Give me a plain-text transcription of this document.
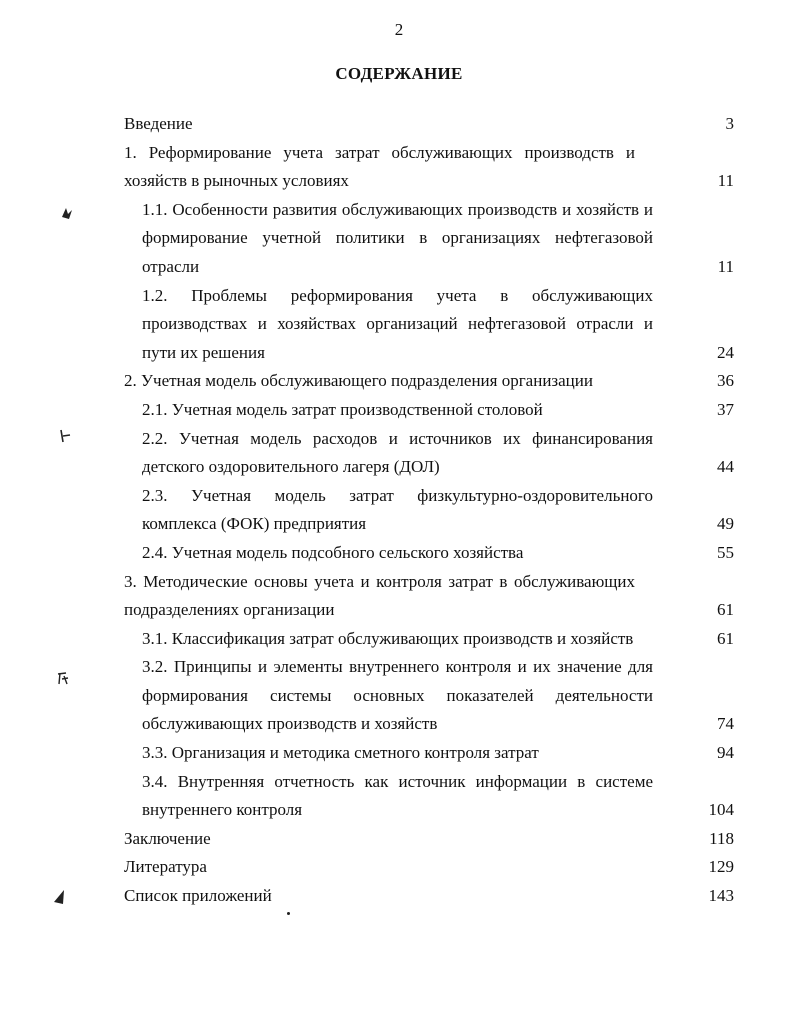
2
СОДЕРЖАНИЕ
Введение	3
1. Реформирование учета затрат обслуживающих производств и хозяйств в рыночных условиях	11
1.1. Особенности развития обслуживающих производств и хозяйств и формирование учетной политики в организациях нефтегазовой отрасли	11
1.2. Проблемы реформирования учета в обслуживающих производствах и хозяйствах организаций нефтегазовой отрасли и пути их решения	24
2. Учетная модель обслуживающего подразделения организации	36
2.1. Учетная модель затрат производственной столовой	37
2.2. Учетная модель расходов и источников их финансирования детского оздоровительного лагеря (ДОЛ)	44
2.3. Учетная модель затрат физкультурно-оздоровительного комплекса (ФОК) предприятия	49
2.4. Учетная модель подсобного сельского хозяйства	55
3. Методические основы учета и контроля затрат в обслуживающих подразделениях организации	61
3.1. Классификация затрат обслуживающих производств и хозяйств	61
3.2. Принципы и элементы внутреннего контроля и их значение для формирования системы основных показателей деятельности обслуживающих производств и хозяйств	74
3.3. Организация и методика сметного контроля затрат	94
3.4. Внутренняя отчетность как источник информации в системе внутреннего контроля	104
Заключение	118
Литература	129
Список приложений	143
